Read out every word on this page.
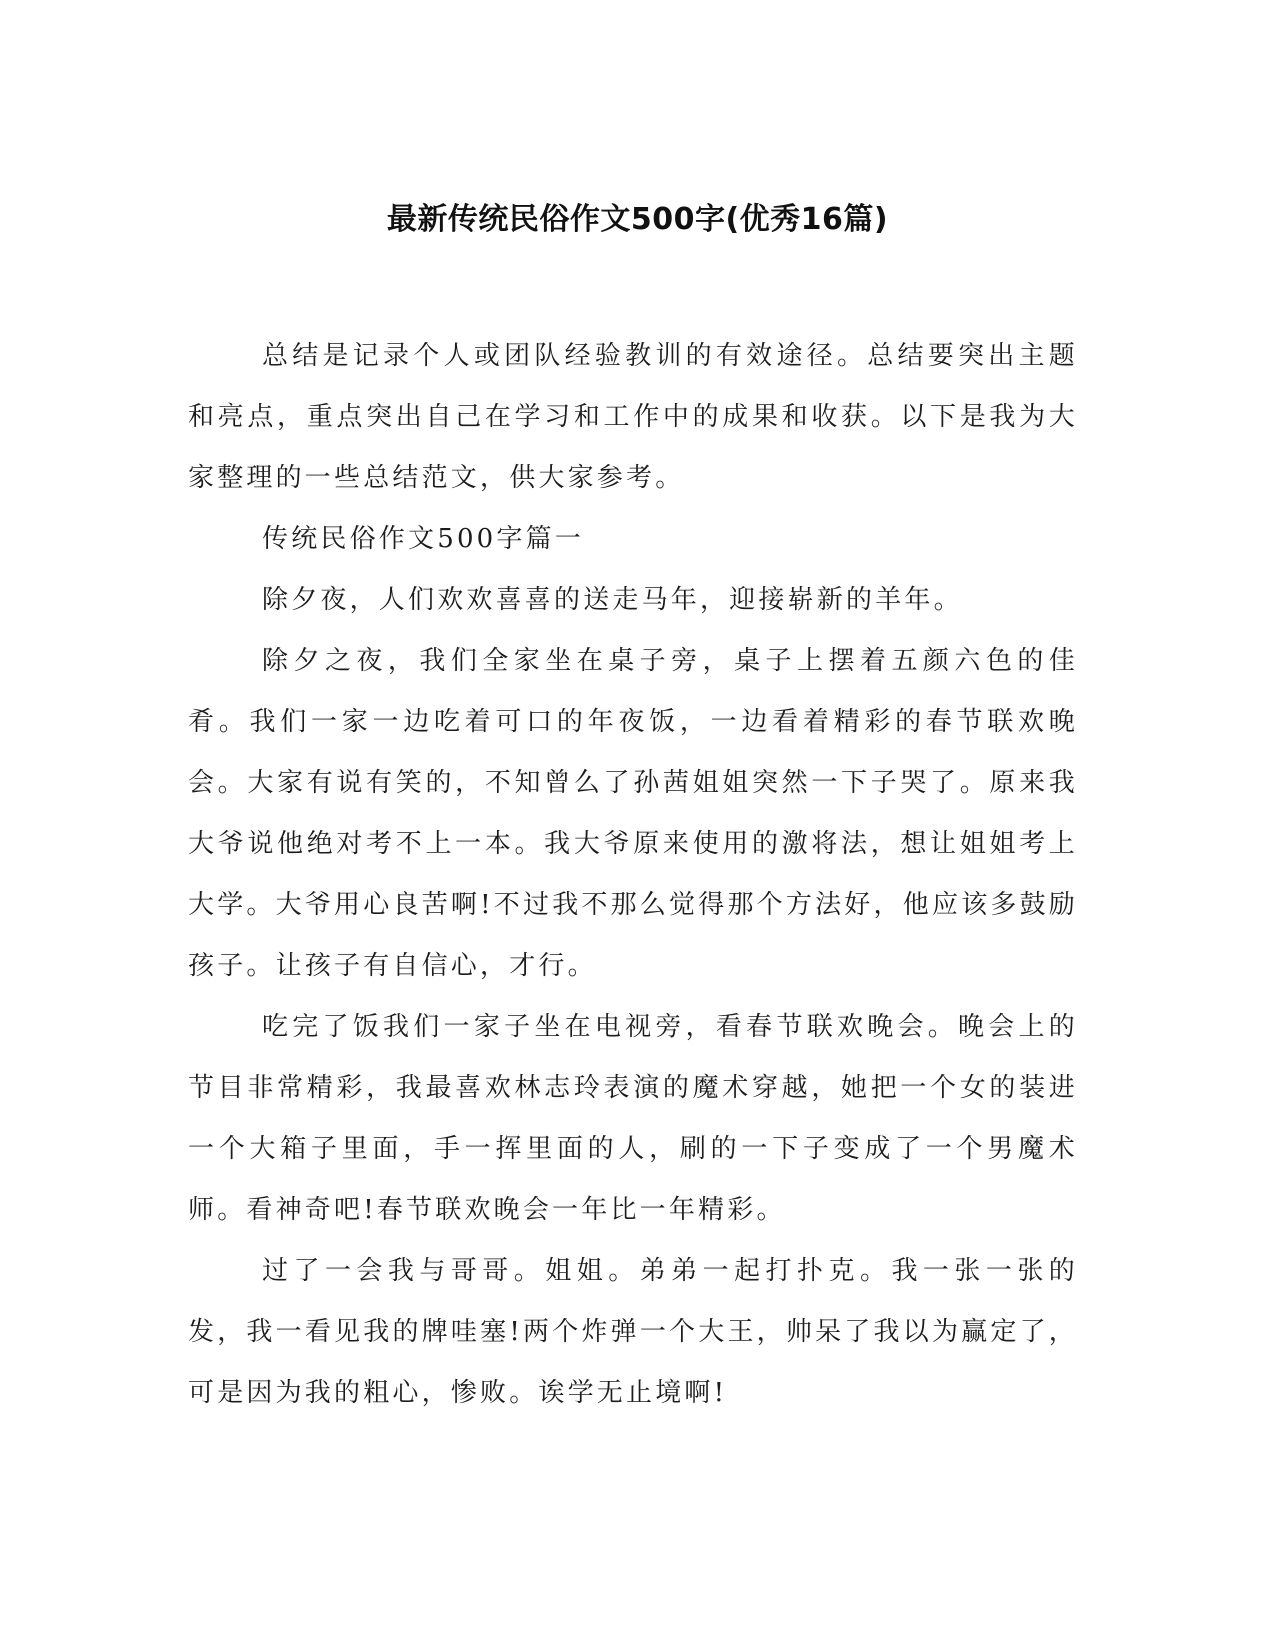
最新传统民俗作文500字(优秀16篇)

总结是记录个人或团队经验教训的有效途径。总结要突出主题和亮点，重点突出自己在学习和工作中的成果和收获。以下是我为大家整理的一些总结范文，供大家参考。

传统民俗作文500字篇一

除夕夜，人们欢欢喜喜的送走马年，迎接崭新的羊年。

除夕之夜，我们全家坐在桌子旁，桌子上摆着五颜六色的佳肴。我们一家一边吃着可口的年夜饭，一边看着精彩的春节联欢晚会。大家有说有笑的，不知曾么了孙茜姐姐突然一下子哭了。原来我大爷说他绝对考不上一本。我大爷原来使用的激将法，想让姐姐考上大学。大爷用心良苦啊!不过我不那么觉得那个方法好，他应该多鼓励孩子。让孩子有自信心，才行。

吃完了饭我们一家子坐在电视旁，看春节联欢晚会。晚会上的节目非常精彩，我最喜欢林志玲表演的魔术穿越，她把一个女的装进一个大箱子里面，手一挥里面的人，刷的一下子变成了一个男魔术师。看神奇吧!春节联欢晚会一年比一年精彩。

过了一会我与哥哥。姐姐。弟弟一起打扑克。我一张一张的发，我一看见我的牌哇塞!两个炸弹一个大王，帅呆了我以为赢定了，可是因为我的粗心，惨败。诶学无止境啊!
